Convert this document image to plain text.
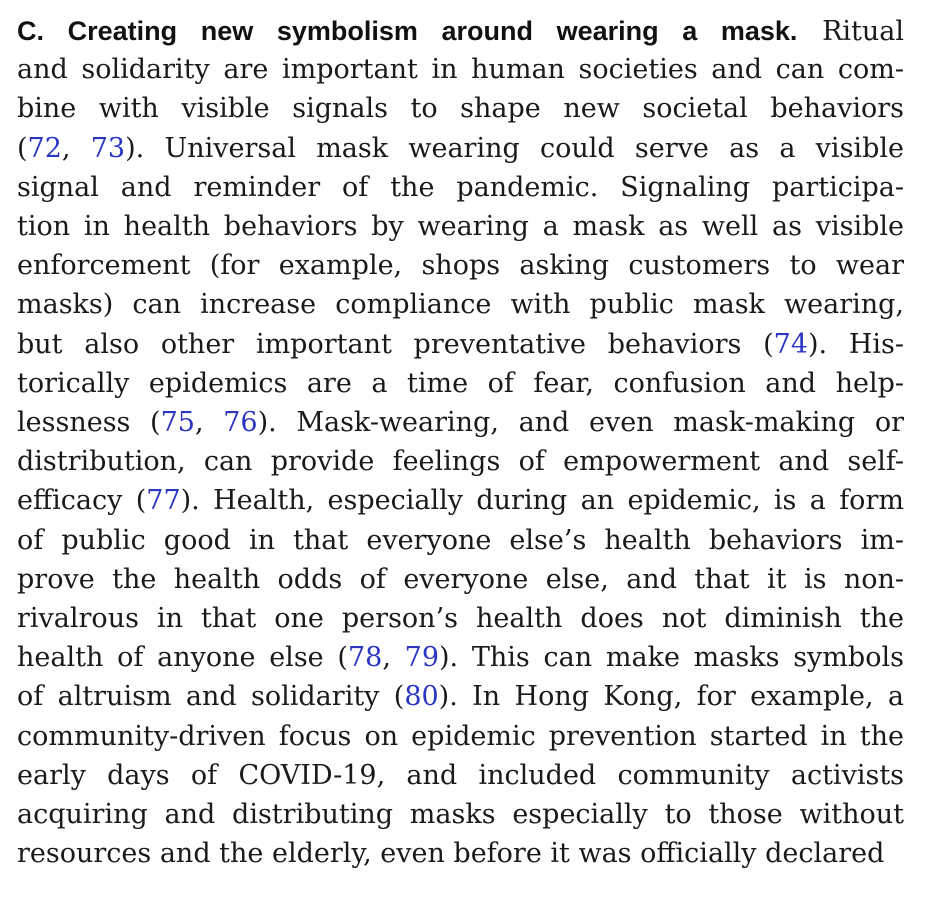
C. Creating new symbolism around wearing a mask. Ritual
and solidarity are important in human societies and can com-
bine with visible signals to shape new societal behaviors
(72, 73). Universal mask wearing could serve as a visible
signal and reminder of the pandemic. Signaling participa-
tion in health behaviors by wearing a mask as well as visible
enforcement (for example, shops asking customers to wear
masks) can increase compliance with public mask wearing,
but also other important preventative behaviors (74). His-
torically epidemics are a time of fear, confusion and help-
lessness (75, 76). Mask-wearing, and even mask-making or
distribution, can provide feelings of empowerment and self-
efficacy (77). Health, especially during an epidemic, is a form
of public good in that everyone else’s health behaviors im-
prove the health odds of everyone else, and that it is non-
rivalrous in that one person’s health does not diminish the
health of anyone else (78, 79). This can make masks symbols
of altruism and solidarity (80). In Hong Kong, for example, a
community-driven focus on epidemic prevention started in the
early days of COVID-19, and included community activists
acquiring and distributing masks especially to those without
resources and the elderly, even before it was officially declared
